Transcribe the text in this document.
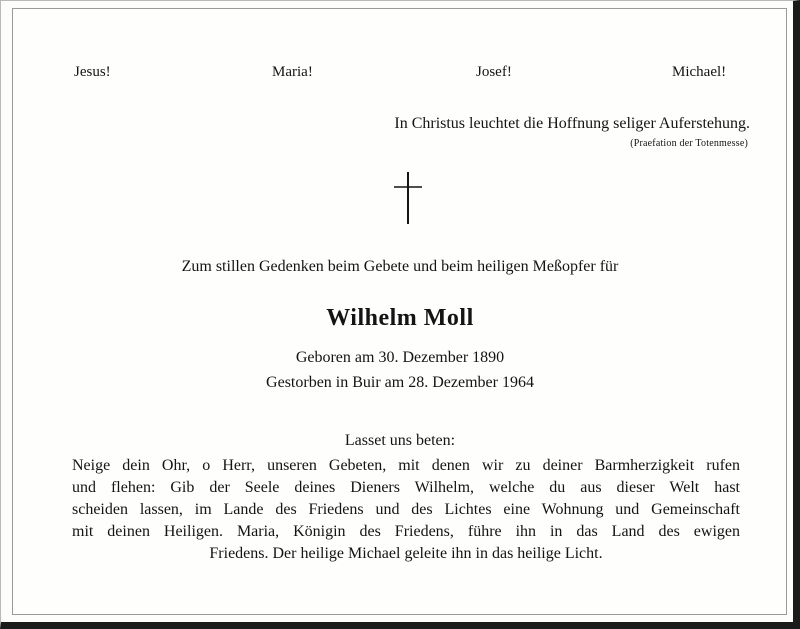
Jesus!	Maria!	Josef!	Michael!
In Christus leuchtet die Hoffnung seliger Auferstehung.
(Praefation der Totenmesse)
Zum stillen Gedenken beim Gebete und beim heiligen Meßopfer für
Wilhelm Moll
Geboren am 30. Dezember 1890
Gestorben in Buir am 28. Dezember 1964
Lasset uns beten:
Neige dein Ohr, o Herr, unseren Gebeten, mit denen wir zu deiner Barmherzigkeit rufen
und flehen: Gib der Seele deines Dieners Wilhelm, welche du aus dieser Welt hast
scheiden lassen, im Lande des Friedens und des Lichtes eine Wohnung und Gemeinschaft
mit deinen Heiligen. Maria, Königin des Friedens, führe ihn in das Land des ewigen
Friedens. Der heilige Michael geleite ihn in das heilige Licht.
